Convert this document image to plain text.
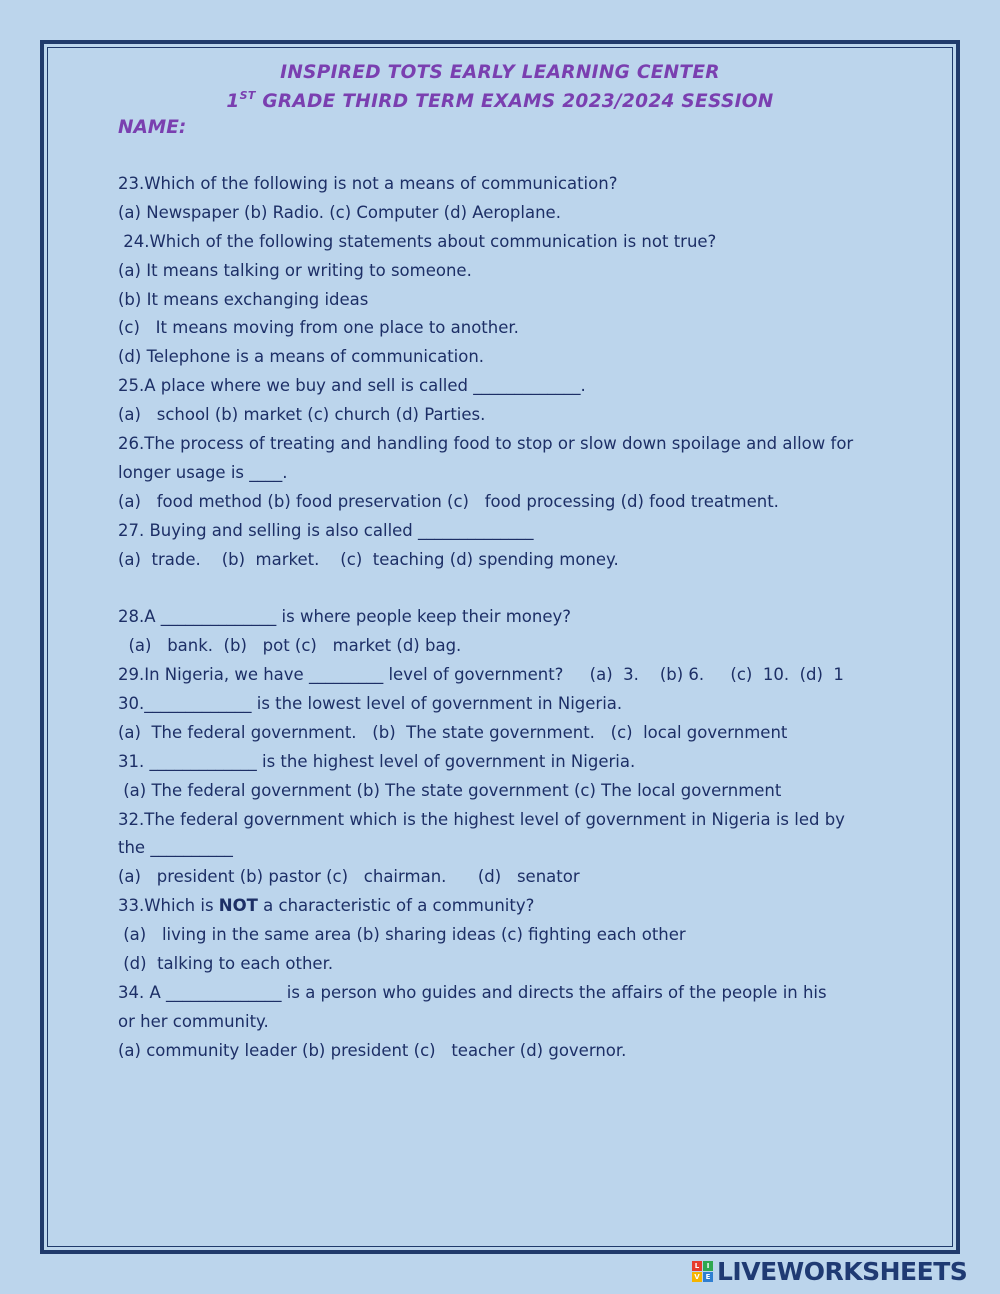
INSPIRED TOTS EARLY LEARNING CENTER
1ST GRADE THIRD TERM EXAMS 2023/2024 SESSION
NAME:
23.Which of the following is not a means of communication?
(a) Newspaper (b) Radio. (c) Computer (d) Aeroplane.
24.Which of the following statements about communication is not true?
(a) It means talking or writing to someone.
(b) It means exchanging ideas
(c)   It means moving from one place to another.
(d) Telephone is a means of communication.
25.A place where we buy and sell is called _____________.
(a)   school (b) market (c) church (d) Parties.
26.The process of treating and handling food to stop or slow down spoilage and allow for
longer usage is ____.
(a)   food method (b) food preservation (c)   food processing (d) food treatment.
27. Buying and selling is also called ______________
(a)  trade.    (b)  market.    (c)  teaching (d) spending money.
28.A ______________ is where people keep their money?
(a)   bank.  (b)   pot (c)   market (d) bag.
29.In Nigeria, we have _________ level of government?     (a)  3.    (b) 6.     (c)  10.  (d)  1
30._____________ is the lowest level of government in Nigeria.
(a)  The federal government.   (b)  The state government.   (c)  local government
31. _____________ is the highest level of government in Nigeria.
(a) The federal government (b) The state government (c) The local government
32.The federal government which is the highest level of government in Nigeria is led by
the __________
(a)   president (b) pastor (c)   chairman.      (d)   senator
33.Which is NOT a characteristic of a community?
(a)   living in the same area (b) sharing ideas (c) fighting each other
(d)  talking to each other.
34. A ______________ is a person who guides and directs the affairs of the people in his
or her community.
(a) community leader (b) president (c)   teacher (d) governor.
L	I
V E LIVEWORKSHEETS
